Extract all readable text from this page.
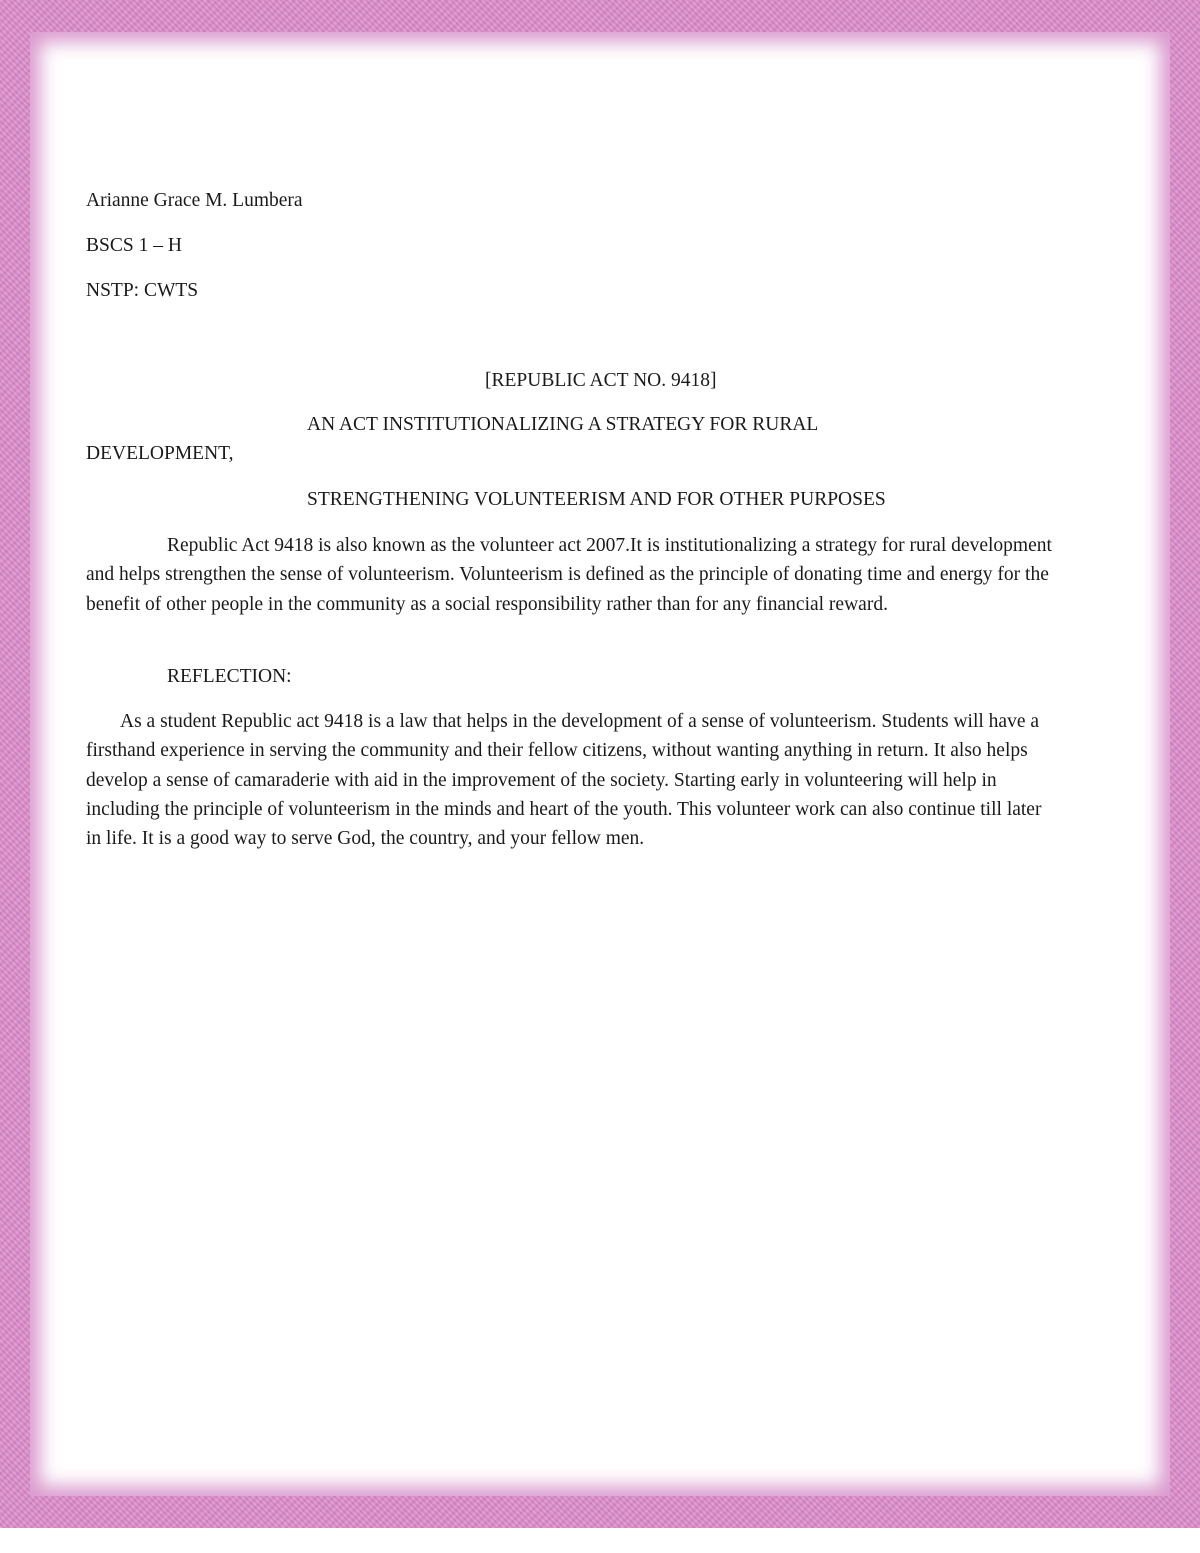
Arianne Grace M. Lumbera

BSCS 1 – H

NSTP: CWTS

[REPUBLIC ACT NO. 9418]

AN ACT INSTITUTIONALIZING A STRATEGY FOR RURAL

DEVELOPMENT,

STRENGTHENING VOLUNTEERISM AND FOR OTHER PURPOSES

Republic Act 9418 is also known as the volunteer act 2007.It is institutionalizing a strategy for rural development and helps strengthen the sense of volunteerism. Volunteerism is defined as the principle of donating time and energy for the benefit of other people in the community as a social responsibility rather than for any financial reward.

REFLECTION:

As a student Republic act 9418 is a law that helps in the development of a sense of volunteerism. Students will have a firsthand experience in serving the community and their fellow citizens, without wanting anything in return. It also helps develop a sense of camaraderie with aid in the improvement of the society. Starting early in volunteering will help in including the principle of volunteerism in the minds and heart of the youth. This volunteer work can also continue till later in life. It is a good way to serve God, the country, and your fellow men.
